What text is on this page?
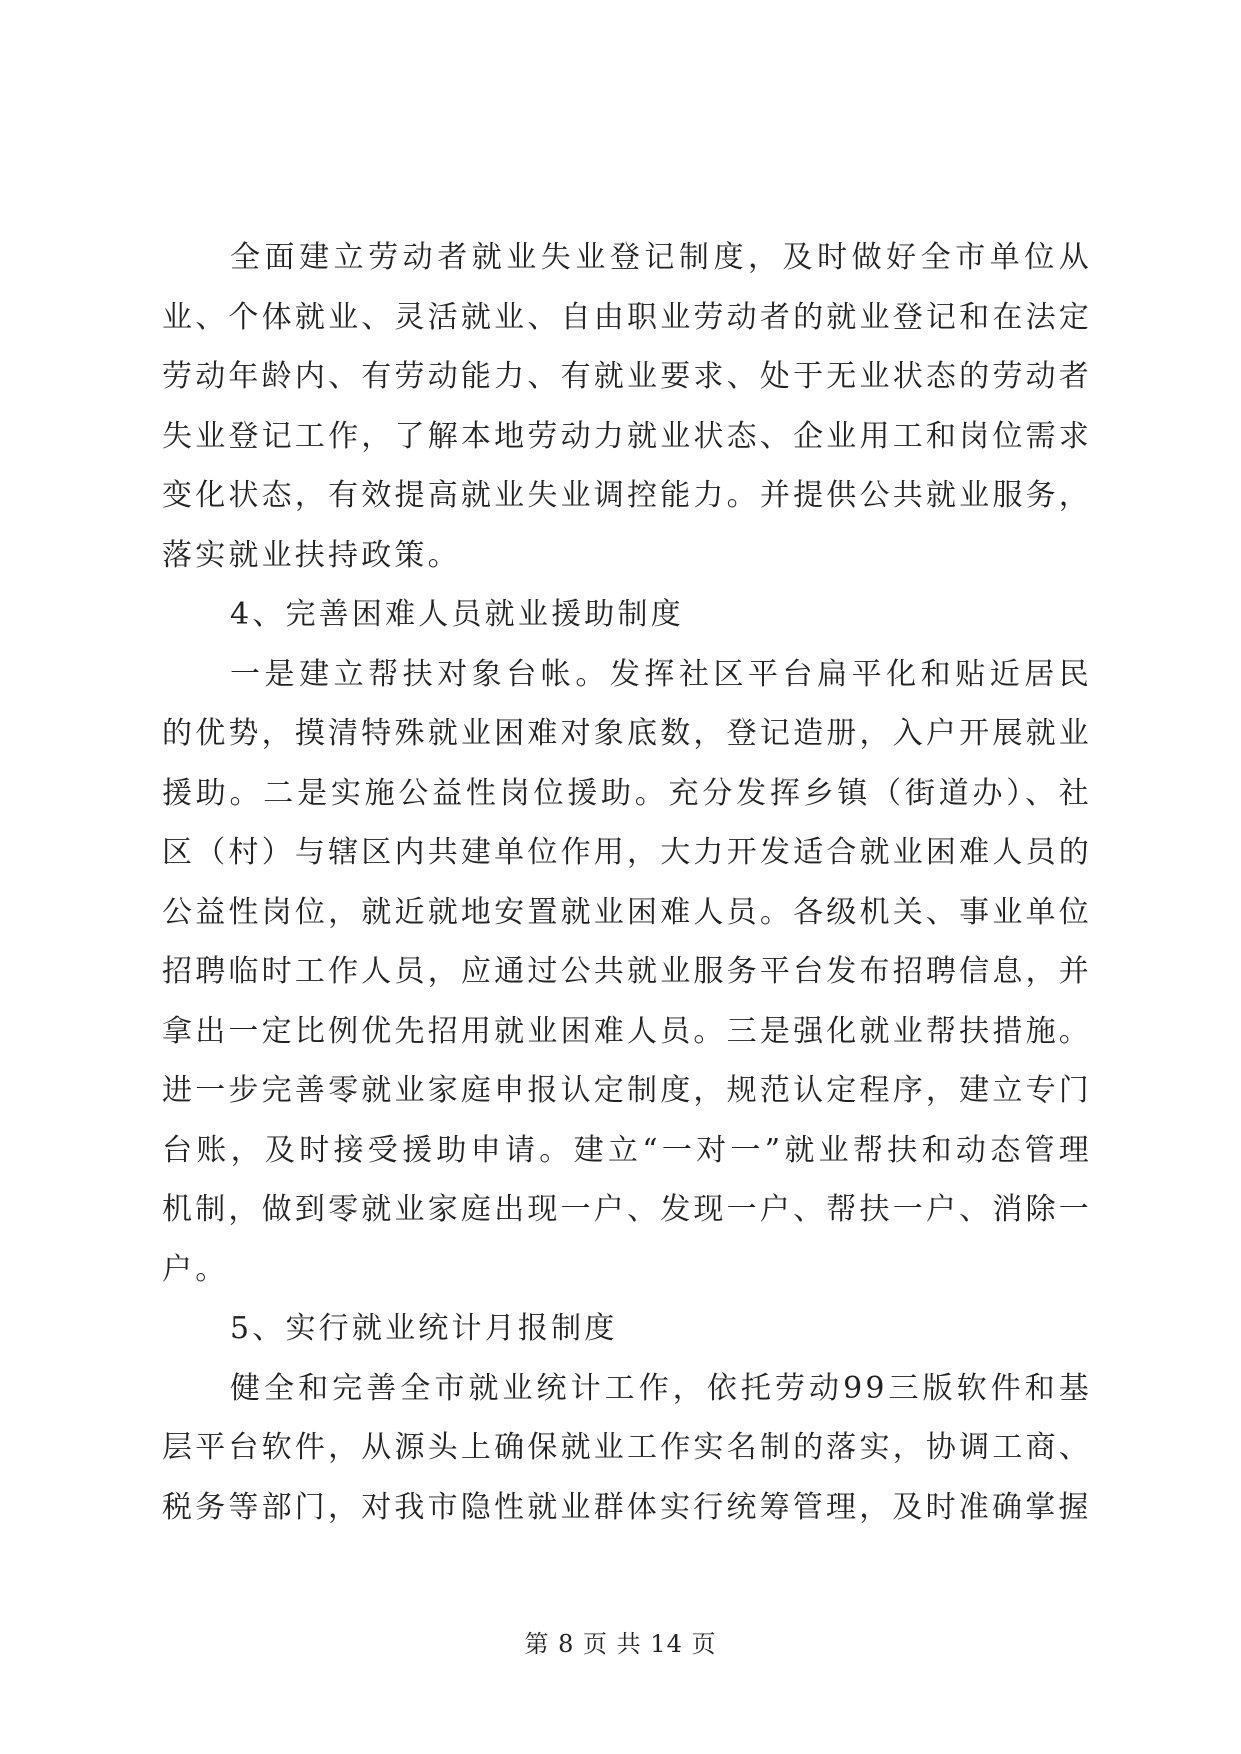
全面建立劳动者就业失业登记制度，及时做好全市单位从业、个体就业、灵活就业、自由职业劳动者的就业登记和在法定劳动年龄内、有劳动能力、有就业要求、处于无业状态的劳动者失业登记工作，了解本地劳动力就业状态、企业用工和岗位需求变化状态，有效提高就业失业调控能力。并提供公共就业服务，落实就业扶持政策。

4、完善困难人员就业援助制度

一是建立帮扶对象台帐。发挥社区平台扁平化和贴近居民的优势，摸清特殊就业困难对象底数，登记造册，入户开展就业援助。二是实施公益性岗位援助。充分发挥乡镇（街道办）、社区（村）与辖区内共建单位作用，大力开发适合就业困难人员的公益性岗位，就近就地安置就业困难人员。各级机关、事业单位招聘临时工作人员，应通过公共就业服务平台发布招聘信息，并拿出一定比例优先招用就业困难人员。三是强化就业帮扶措施。进一步完善零就业家庭申报认定制度，规范认定程序，建立专门台账，及时接受援助申请。建立“一对一”就业帮扶和动态管理机制，做到零就业家庭出现一户、发现一户、帮扶一户、消除一户。

5、实行就业统计月报制度

健全和完善全市就业统计工作，依托劳动99三版软件和基层平台软件，从源头上确保就业工作实名制的落实，协调工商、税务等部门，对我市隐性就业群体实行统筹管理，及时准确掌握

第 8 页 共 14 页
